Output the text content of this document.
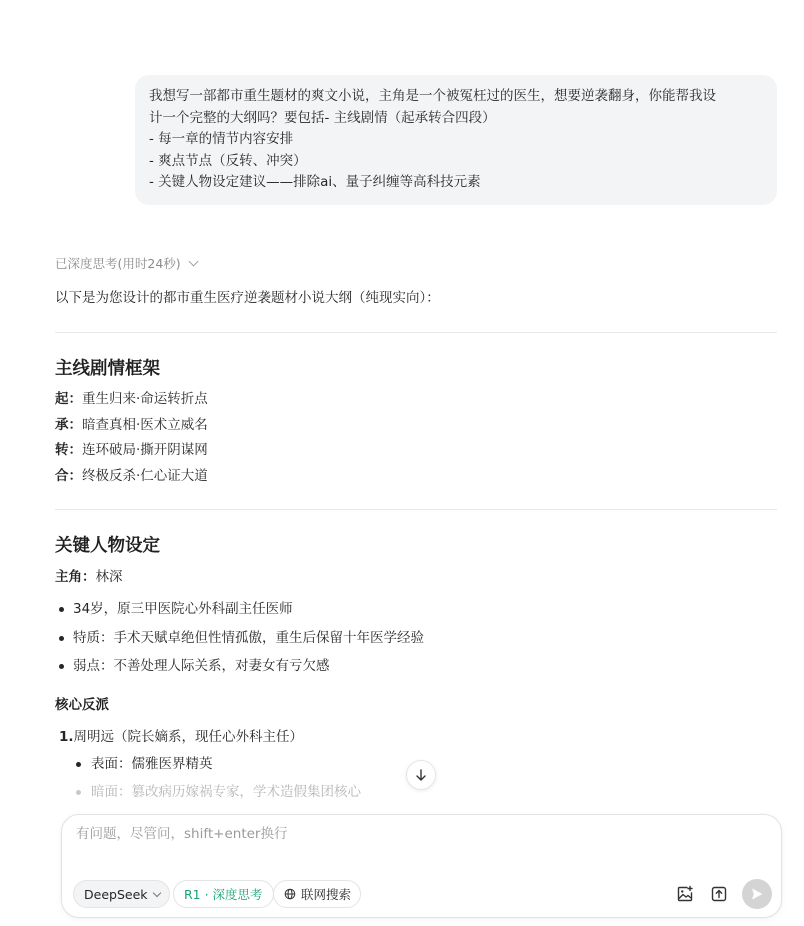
我想写一部都市重生题材的爽文小说，主角是一个被冤枉过的医生，想要逆袭翻身，你能帮我设
计一个完整的大纲吗？要包括- 主线剧情（起承转合四段）
- 每一章的情节内容安排
- 爽点节点（反转、冲突）
- 关键人物设定建议——排除ai、量子纠缠等高科技元素
已深度思考(用时24秒)
以下是为您设计的都市重生医疗逆袭题材小说大纲（纯现实向）：
主线剧情框架
起：重生归来·命运转折点
承：暗查真相·医术立威名
转：连环破局·撕开阴谋网
合：终极反杀·仁心证大道
关键人物设定
主角：林深
34岁，原三甲医院心外科副主任医师
特质：手术天赋卓绝但性情孤傲，重生后保留十年医学经验
弱点：不善处理人际关系，对妻女有亏欠感
核心反派
1.周明远（院长嫡系，现任心外科主任）
表面：儒雅医界精英
暗面：篡改病历嫁祸专家，学术造假集团核心
有问题，尽管问，shift+enter换行
DeepSeek	R1 · 深度思考	联网搜索
